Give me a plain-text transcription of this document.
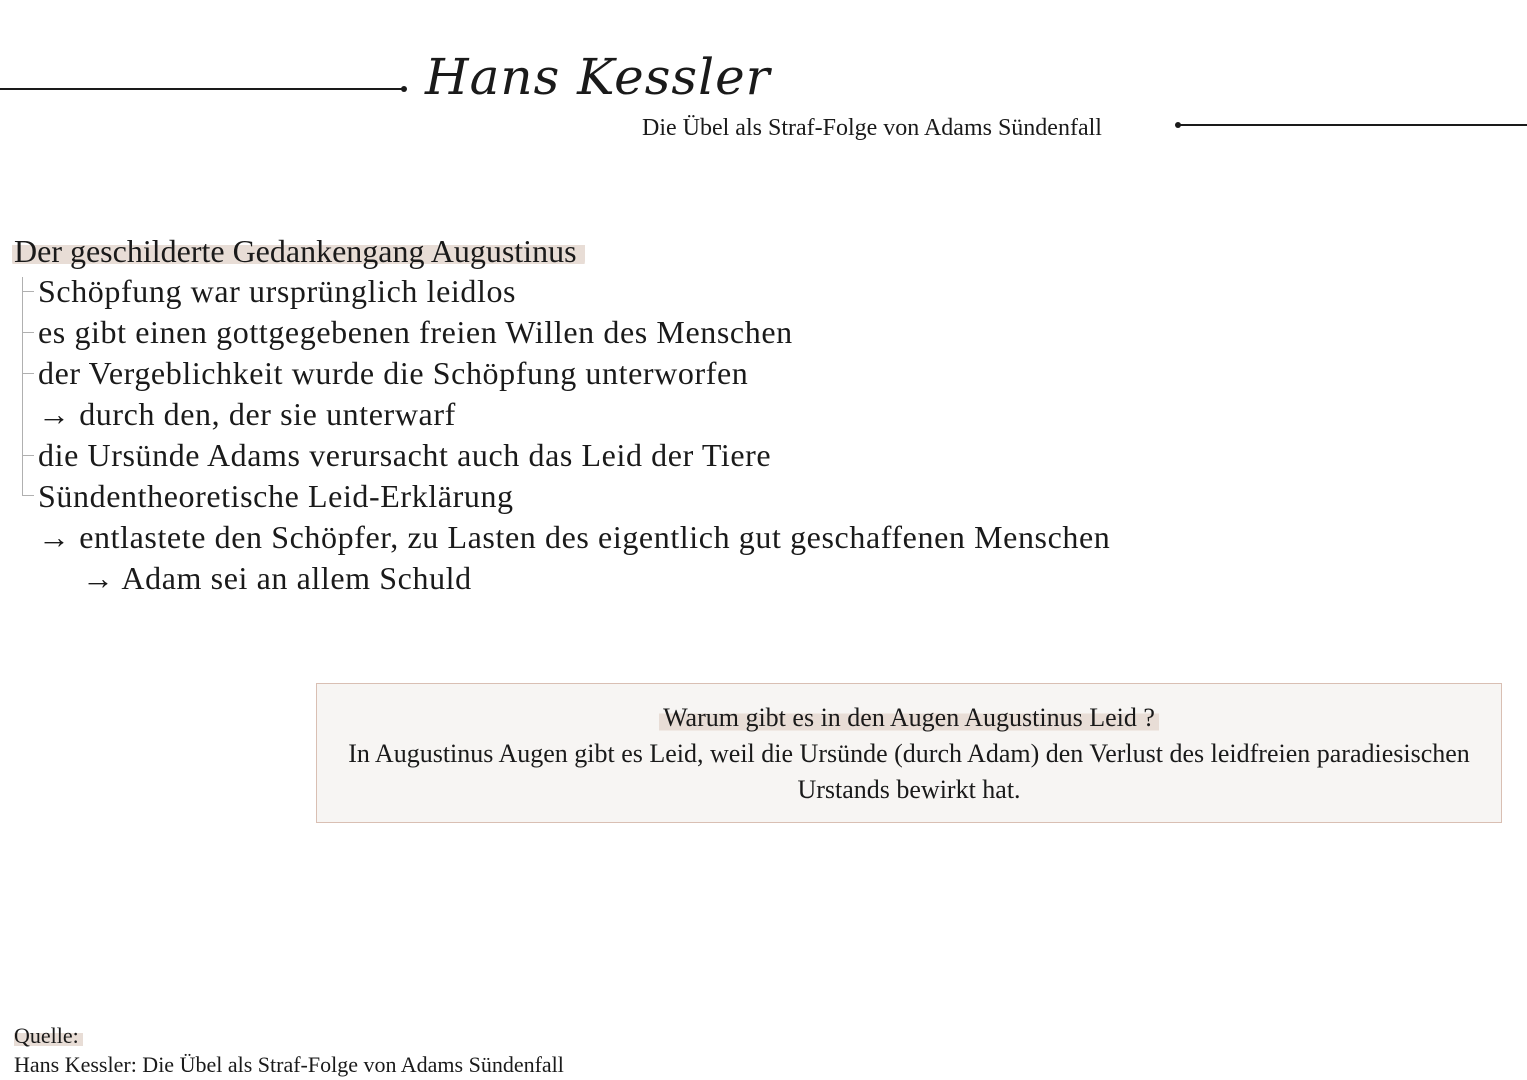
Hans Kessler
Die Übel als Straf-Folge von Adams Sündenfall
Der geschilderte Gedankengang Augustinus
Schöpfung war ursprünglich leidlos
es gibt einen gottgegebenen freien Willen des Menschen
der Vergeblichkeit wurde die Schöpfung unterworfen
→ durch den, der sie unterwarf
die Ursünde Adams verursacht auch das Leid der Tiere
Sündentheoretische Leid-Erklärung
→ entlastete den Schöpfer, zu Lasten des eigentlich gut geschaffenen Menschen
→ Adam sei an allem Schuld
Warum gibt es in den Augen Augustinus Leid ?
In Augustinus Augen gibt es Leid, weil die Ursünde (durch Adam) den Verlust des leidfreien paradiesischen Urstands bewirkt hat.
Quelle:
Hans Kessler: Die Übel als Straf-Folge von Adams Sündenfall
